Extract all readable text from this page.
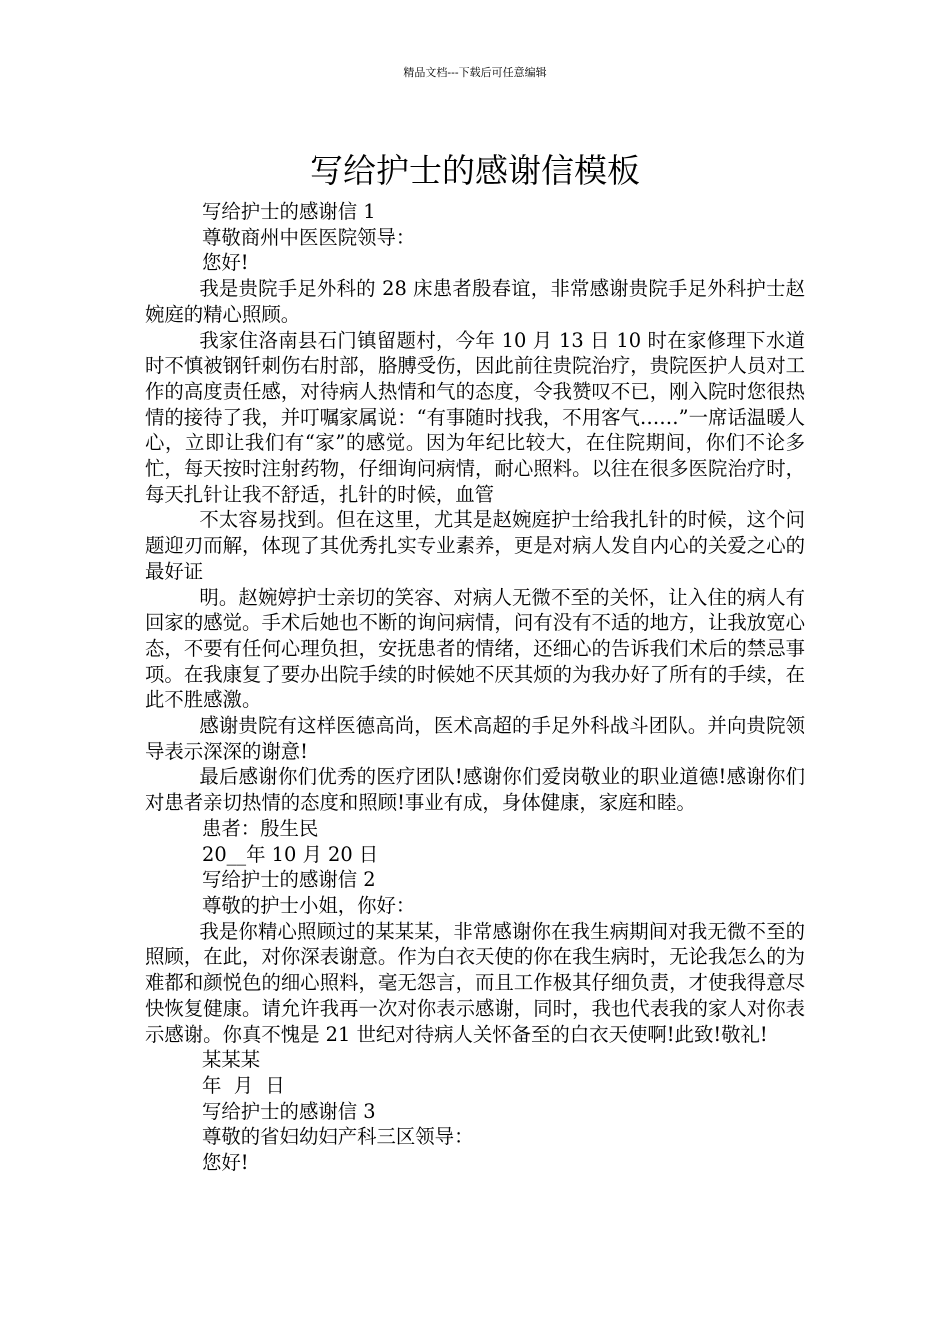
精品文档---下载后可任意编辑
写给护士的感谢信模板

写给护士的感谢信 1

尊敬商州中医医院领导：

您好!

我是贵院手足外科的 28 床患者殷春谊，非常感谢贵院手足外科护士赵婉庭的精心照顾。

我家住洛南县石门镇留题村，今年 10 月 13 日 10 时在家修理下水道时不慎被钢钎刺伤右肘部，胳膊受伤，因此前往贵院治疗，贵院医护人员对工作的高度责任感，对待病人热情和气的态度，令我赞叹不已，刚入院时您很热情的接待了我，并叮嘱家属说：“有事随时找我，不用客气……”一席话温暖人心，立即让我们有“家”的感觉。因为年纪比较大，在住院期间，你们不论多忙，每天按时注射药物，仔细询问病情，耐心照料。以往在很多医院治疗时，每天扎针让我不舒适，扎针的时候，血管

不太容易找到。但在这里，尤其是赵婉庭护士给我扎针的时候，这个问题迎刃而解，体现了其优秀扎实专业素养，更是对病人发自内心的关爱之心的最好证

明。赵婉婷护士亲切的笑容、对病人无微不至的关怀，让入住的病人有回家的感觉。手术后她也不断的询问病情，问有没有不适的地方，让我放宽心态，不要有任何心理负担，安抚患者的情绪，还细心的告诉我们术后的禁忌事项。在我康复了要办出院手续的时候她不厌其烦的为我办好了所有的手续，在此不胜感激。

感谢贵院有这样医德高尚，医术高超的手足外科战斗团队。并向贵院领导表示深深的谢意!

最后感谢你们优秀的医疗团队!感谢你们爱岗敬业的职业道德!感谢你们对患者亲切热情的态度和照顾!事业有成，身体健康，家庭和睦。

患者：殷生民

20__年 10 月 20 日

写给护士的感谢信 2

尊敬的护士小姐，你好：

我是你精心照顾过的某某某，非常感谢你在我生病期间对我无微不至的照顾，在此，对你深表谢意。作为白衣天使的你在我生病时，无论我怎么的为难都和颜悦色的细心照料，毫无怨言，而且工作极其仔细负责，才使我得意尽快恢复健康。请允许我再一次对你表示感谢，同时，我也代表我的家人对你表示感谢。你真不愧是 21 世纪对待病人关怀备至的白衣天使啊!此致!敬礼!

某某某

年  月  日

写给护士的感谢信 3

尊敬的省妇幼妇产科三区领导：

您好!
